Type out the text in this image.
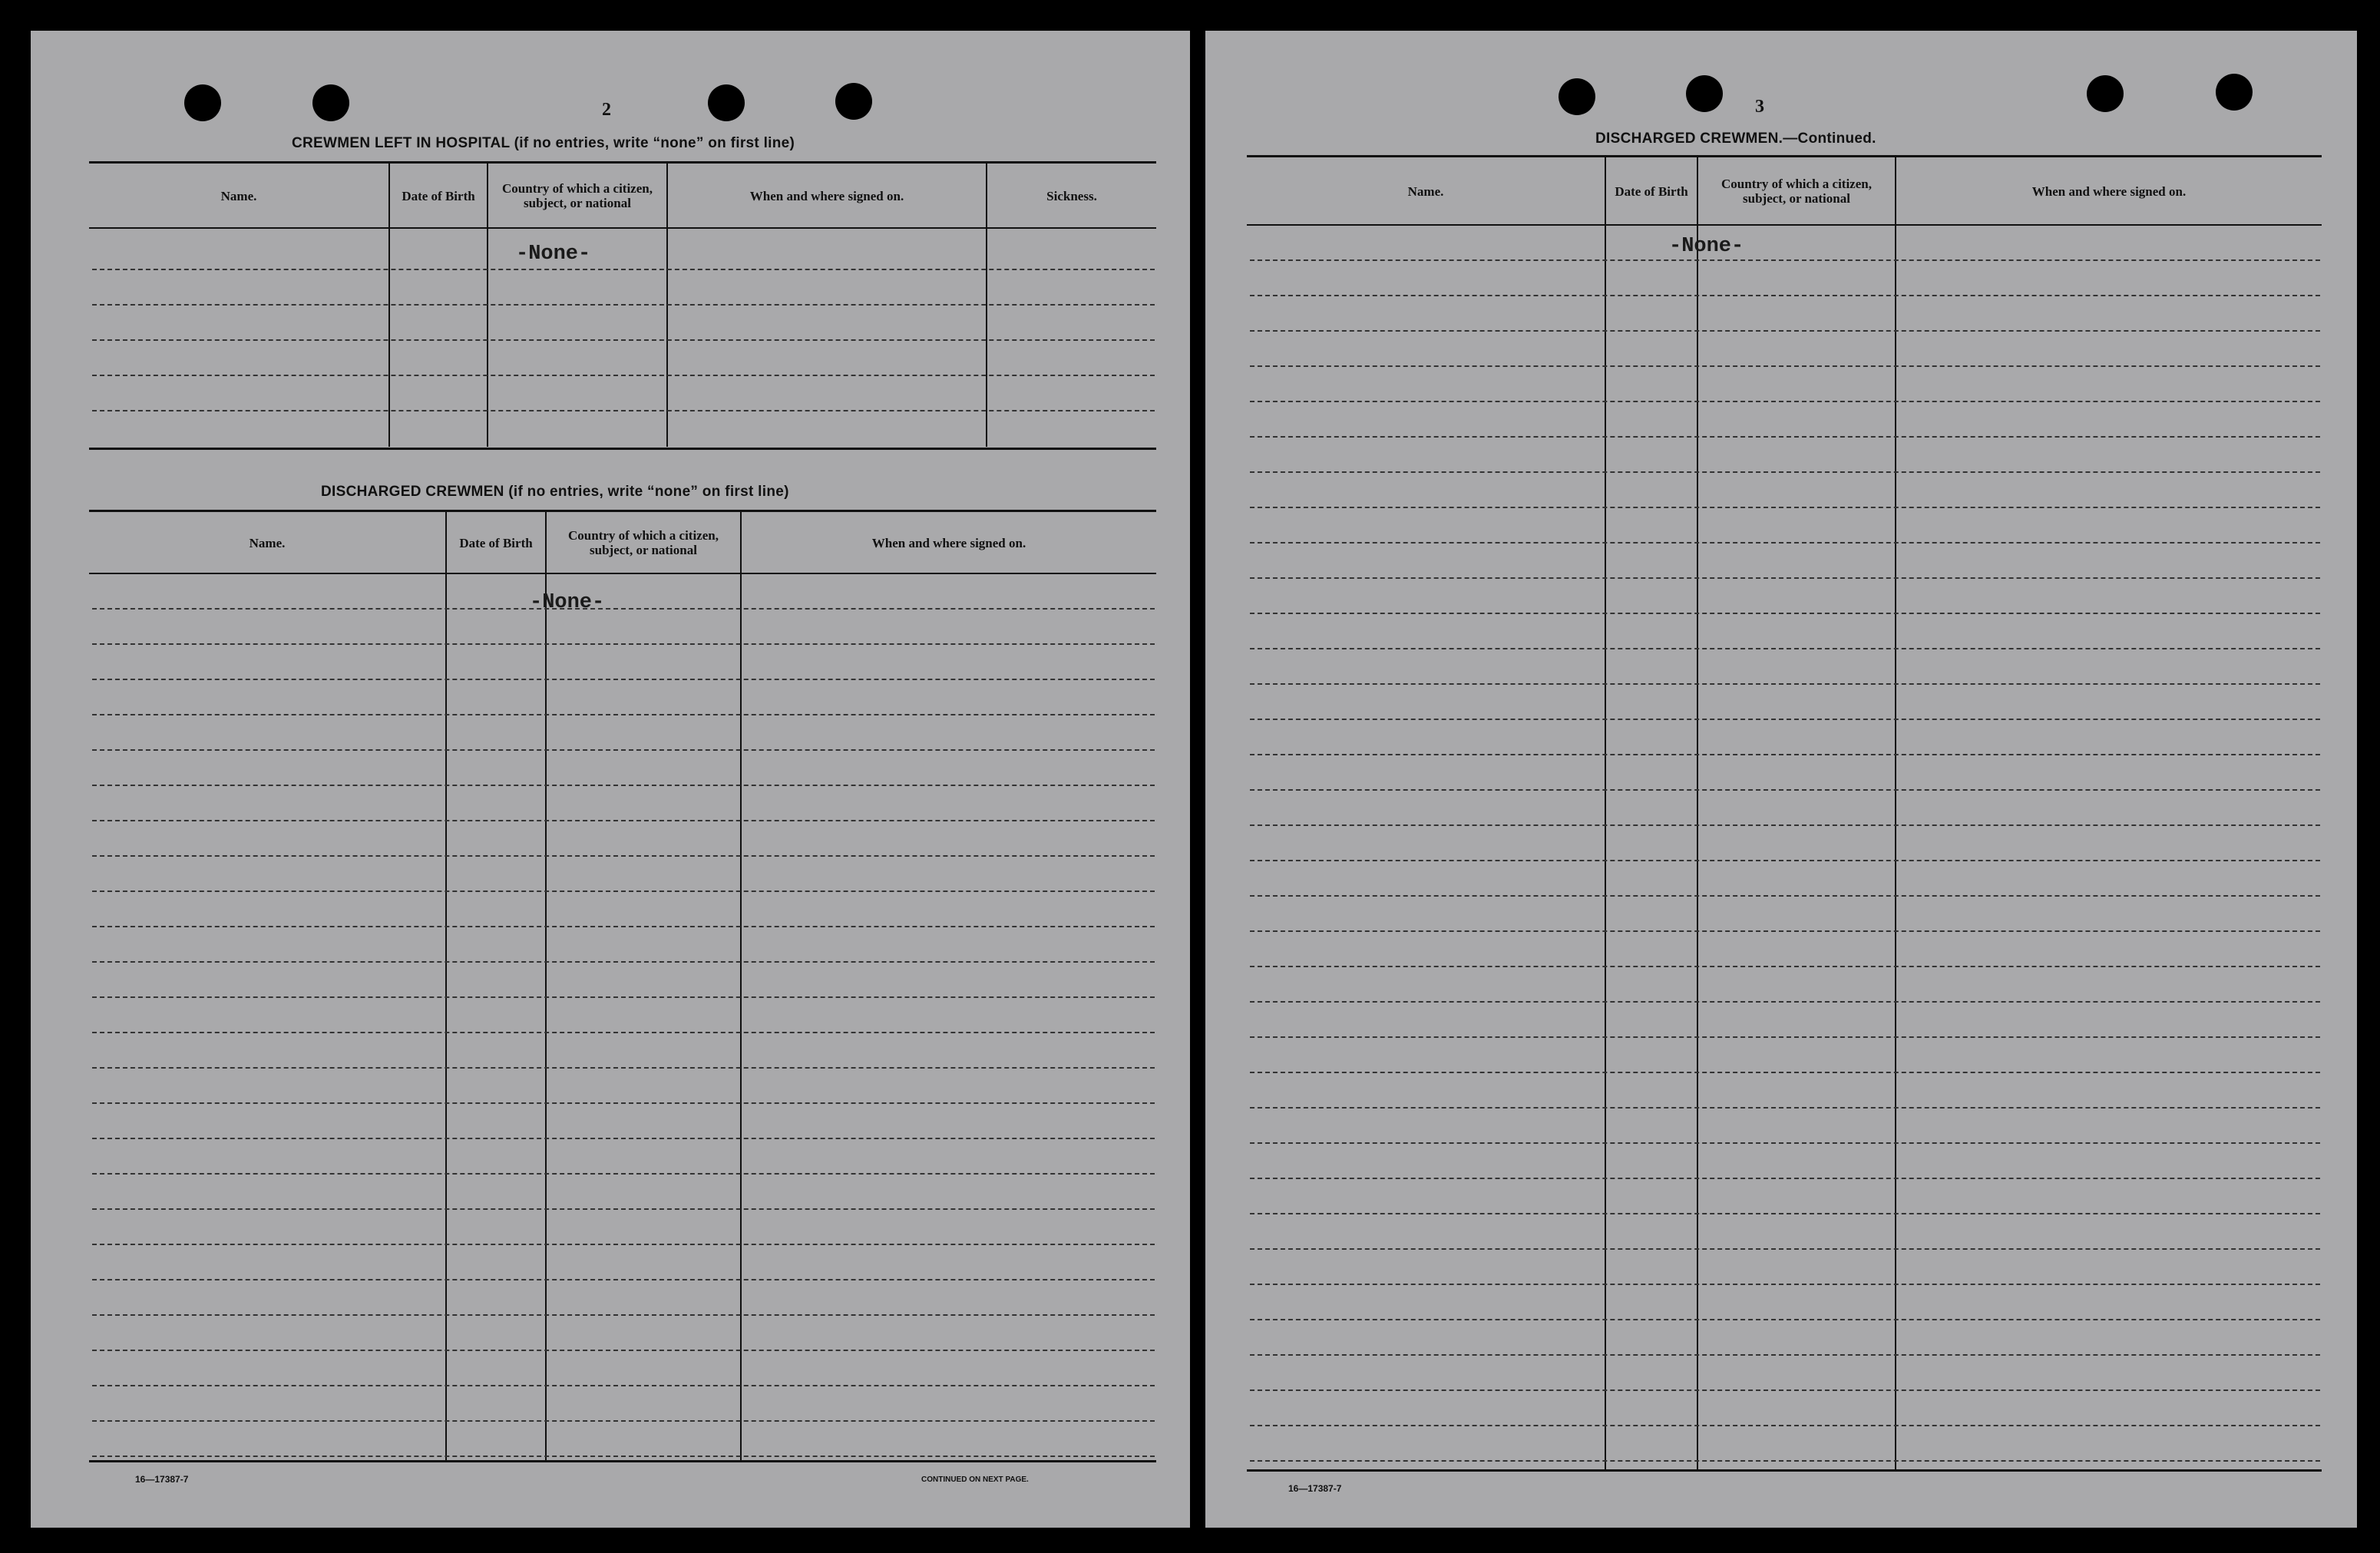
2
CREWMEN LEFT IN HOSPITAL (if no entries, write “none” on first line)
Name.	Date of Birth	Country of which a citizen, subject, or national	When and where signed on.	Sickness.
-None-
DISCHARGED CREWMEN (if no entries, write “none” on first line)
Name.	Date of Birth	Country of which a citizen, subject, or national	When and where signed on.
-None-
16—17387-7	CONTINUED ON NEXT PAGE.
3
DISCHARGED CREWMEN.—Continued.
Name.	Date of Birth	Country of which a citizen, subject, or national	When and where signed on.
-None-
16—17387-7
